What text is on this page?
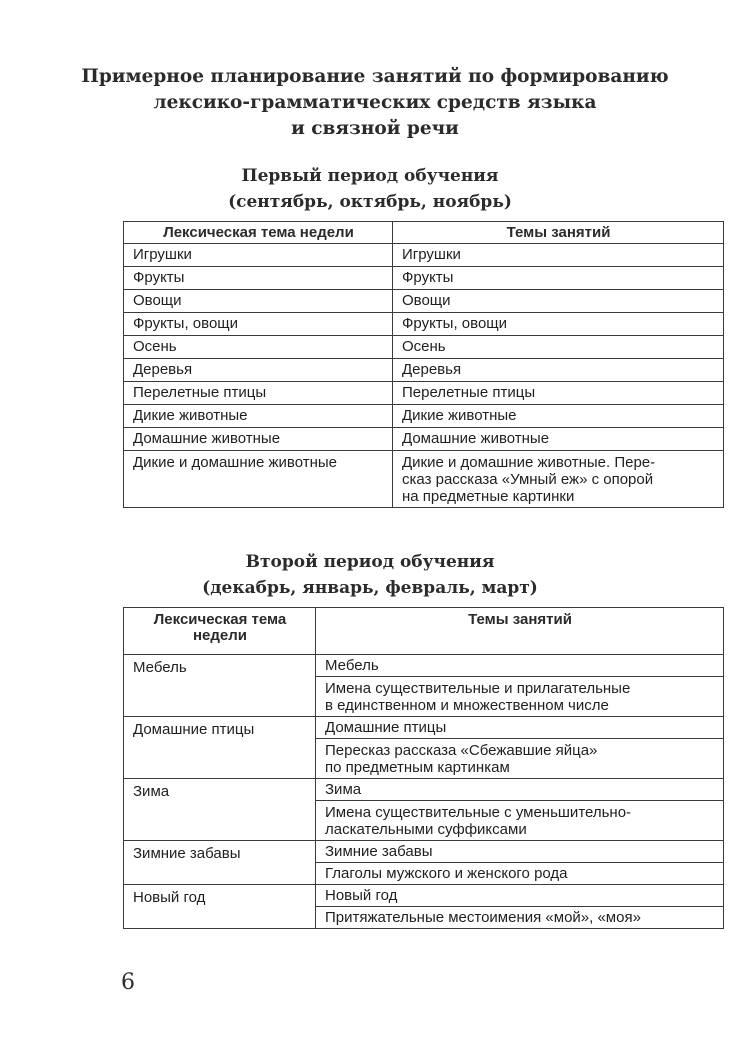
Примерное планирование занятий по формированию
лексико-грамматических средств языка
и связной речи
Первый период обучения
(сентябрь, октябрь, ноябрь)
Лексическая тема недели	Темы занятий
Игрушки	Игрушки
Фрукты	Фрукты
Овощи	Овощи
Фрукты, овощи	Фрукты, овощи
Осень	Осень
Деревья	Деревья
Перелетные птицы	Перелетные птицы
Дикие животные	Дикие животные
Домашние животные	Домашние животные
Дикие и домашние животные	Дикие и домашние животные. Пере-
сказ рассказа «Умный еж» с опорой
на предметные картинки
Второй период обучения
(декабрь, январь, февраль, март)
Лексическая тема
недели	Темы занятий
Мебель	Мебель

	Имена существительные и прилагательные
в единственном и множественном числе

Домашние птицы	Домашние птицы

	Пересказ рассказа «Сбежавшие яйца»
по предметным картинкам

Зима	Зима

	Имена существительные с уменьшительно-
ласкательными суффиксами

Зимние забавы	Зимние забавы
	Глаголы мужского и женского рода
Новый год	Новый год
	Притяжательные местоимения «мой», «моя»
6
